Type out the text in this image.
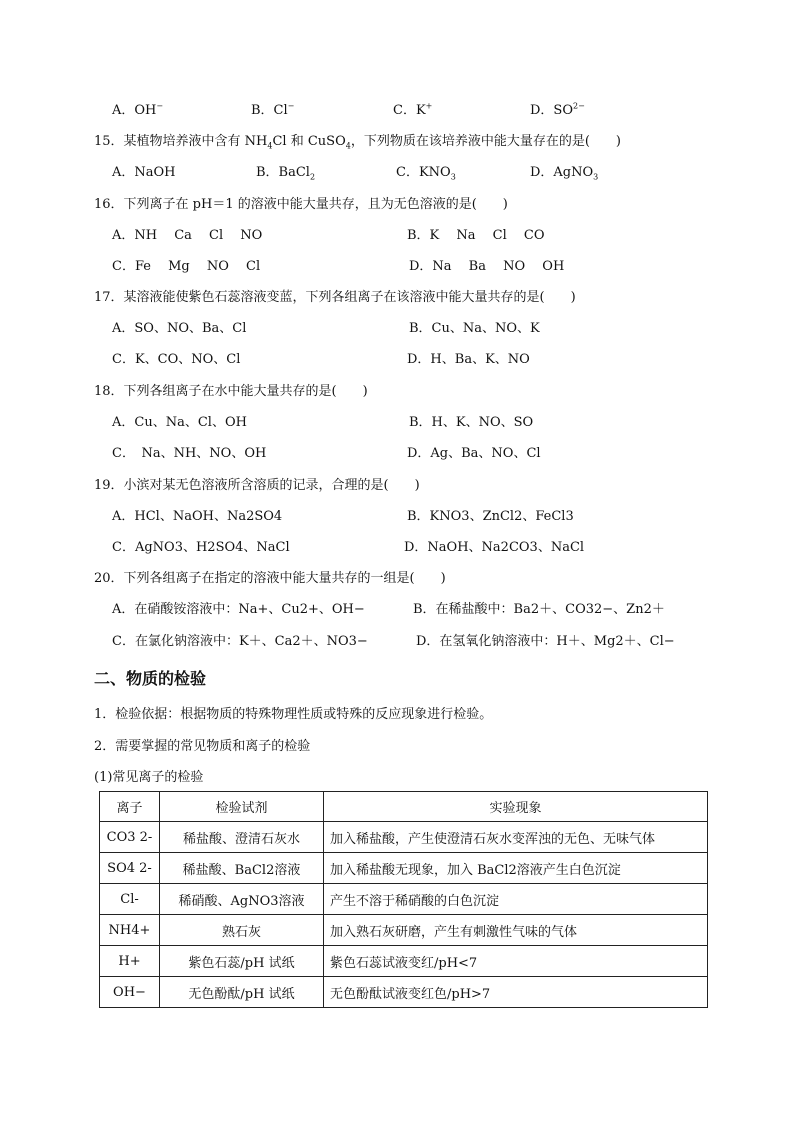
A．OH−	B．Cl−	C．K+	D．$SO^{2-}$
15．某植物培养液中含有 $NH_4Cl$ 和 CuSO$_4$，下列物质在该培养液中能大量存在的是(　　)
A．NaOH	B．BaCl$_2$	C．$KNO_3$	D．AgNO$_3$
16．下列离子在 pH＝1 的溶液中能大量共存，且为无色溶液的是(　　)
A．NH　 Ca　 Cl　 NO	B．K　 Na　 Cl　 CO
C．Fe　 Mg　 NO　 Cl	D．Na　 Ba　 NO　 OH
17．某溶液能使紫色石蕊溶液变蓝，下列各组离子在该溶液中能大量共存的是(　　)
A．SO、NO、Ba、Cl	B．Cu、Na、NO、K
C．K、CO、NO、Cl	D．H、Ba、K、NO
18．下列各组离子在水中能大量共存的是(　　)
A．Cu、Na、Cl、OH	B．H、K、NO、SO
C．　Na、NH、NO、OH	D．Ag、Ba、NO、Cl
19．小滨对某无色溶液所含溶质的记录，合理的是(　　)
A．HCl、NaOH、Na2SO4	B．KNO3、ZnCl2、FeCl3
C．AgNO3、H2SO4、NaCl	D．NaOH、Na2CO3、NaCl
20．下列各组离子在指定的溶液中能大量共存的一组是(　　)
A．在硝酸铵溶液中：Na+、Cu2+、OH−	B．在稀盐酸中：Ba2＋、CO32−、Zn2＋
C．在氯化钠溶液中：K＋、Ca2＋、NO3−	D．在氢氧化钠溶液中：H＋、Mg2＋、Cl−
二、物质的检验
1．检验依据：根据物质的特殊物理性质或特殊的反应现象进行检验。
2．需要掌握的常见物质和离子的检验
(1)常见离子的检验
离子	检验试剂	实验现象
CO3 2-	稀盐酸、澄清石灰水	加入稀盐酸，产生使澄清石灰水变浑浊的无色、无味气体
SO4 2-	稀盐酸、BaCl2溶液	加入稀盐酸无现象，加入 BaCl2溶液产生白色沉淀
Cl-	稀硝酸、AgNO3溶液	产生不溶于稀硝酸的白色沉淀
NH4+	熟石灰	加入熟石灰研磨，产生有刺激性气味的气体
H+	紫色石蕊/pH 试纸	紫色石蕊试液变红/pH<7
OH−	无色酚酞/pH 试纸	无色酚酞试液变红色/pH>7
